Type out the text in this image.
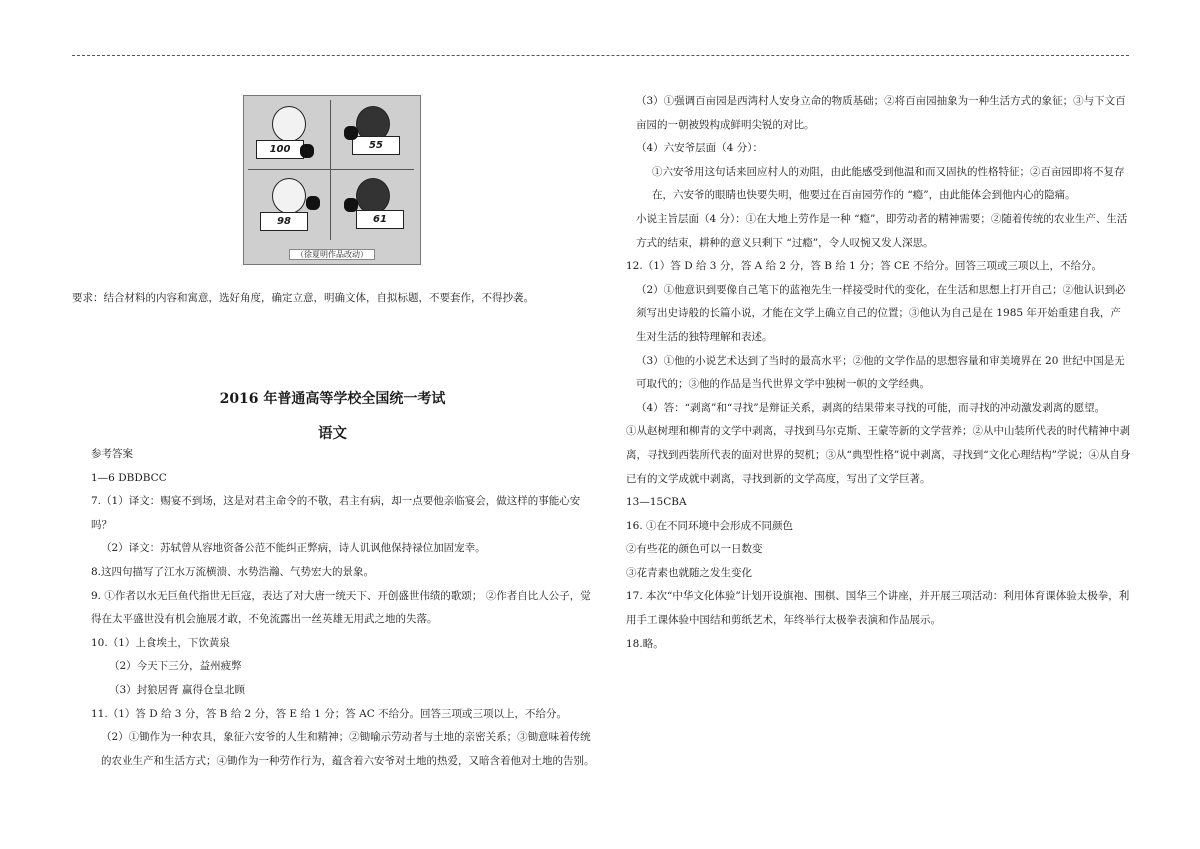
100	55
98	61
（徐夏明作品改动）
要求：结合材料的内容和寓意，选好角度，确定立意，明确文体，自拟标题，不要套作，不得抄袭。
2016 年普通高等学校全国统一考试
语文

参考答案

1—6 DBDBCC

7.（1）译文：赐宴不到场，这是对君主命令的不敬，君主有病，却一点要他亲临宴会，做这样的事能心安吗？

（2）译文：苏轼曾从容地资备公范不能纠正弊病，诗人讥讽他保持禄位加固宠幸。

8.这四句描写了江水万流横溃、水势浩瀚、气势宏大的景象。

9. ①作者以水无巨鱼代指世无巨寇，表达了对大唐一统天下、开创盛世伟绩的歌颂； ②作者自比人公子，觉得在太平盛世没有机会施展才敢，不免流露出一丝英雄无用武之地的失落。

10.（1）上食埃土，下饮黄泉

（2）今天下三分，益州疲弊

（3）封狼居胥 赢得仓皇北顾

11.（1）答 D 给 3 分，答 B 给 2 分，答 E 给 1 分；答 AC 不给分。回答三项或三项以上，不给分。

（2）①锄作为一种农具，象征六安爷的人生和精神；②锄喻示劳动者与土地的亲密关系；③锄意味着传统的农业生产和生活方式；④锄作为一种劳作行为，蕴含着六安爷对土地的热爱，又暗含着他对土地的告别。

（3）①强调百亩园是西湾村人安身立命的物质基础；②将百亩园抽象为一种生活方式的象征；③与下文百亩园的一朝被毁构成鲜明尖锐的对比。

（4）六安爷层面（4 分）：

①六安爷用这句话来回应村人的劝阻，由此能感受到他温和而又固执的性格特征；②百亩园即将不复存在，六安爷的眼睛也快要失明，他要过在百亩园劳作的 “瘾”，由此能体会到他内心的隐痛。

小说主旨层面（4 分）：①在大地上劳作是一种 “瘾”，即劳动者的精神需要；②随着传统的农业生产、生活方式的结束，耕种的意义只剩下 “过瘾”，令人叹惋又发人深思。

12.（1）答 D 给 3 分，答 A 给 2 分，答 B 给 1 分；答 CE 不给分。回答三项或三项以上，不给分。

（2）①他意识到要像自己笔下的蓝袍先生一样接受时代的变化，在生活和思想上打开自己；②他认识到必须写出史诗般的长篇小说，才能在文学上确立自己的位置；③他认为自己是在 1985 年开始重建自我，产生对生活的独特理解和表述。

（3）①他的小说艺术达到了当时的最高水平；②他的文学作品的思想容量和审美境界在 20 世纪中国是无可取代的；③他的作品是当代世界文学中独树一帜的文学经典。

（4）答：“剥离”和“寻找”是辩证关系，剥离的结果带来寻找的可能，而寻找的冲动激发剥离的愿望。

①从赵树理和柳青的文学中剥离，寻找到马尔克斯、王蒙等新的文学营养；②从中山装所代表的时代精神中剥离，寻找到西装所代表的面对世界的契机；③从“典型性格”说中剥离，寻找到“文化心理结构”学说；④从自身已有的文学成就中剥离，寻找到新的文学高度，写出了文学巨著。

13—15CBA

16. ①在不同环境中会形成不同颜色

②有些花的颜色可以一日数变

③花青素也就随之发生变化

17. 本次“中华文化体验”计划开设旗袍、围棋、国华三个讲座，并开展三项活动：利用体育课体验太极拳，利用手工课体验中国结和剪纸艺术，年终举行太极拳表演和作品展示。

18.略。
